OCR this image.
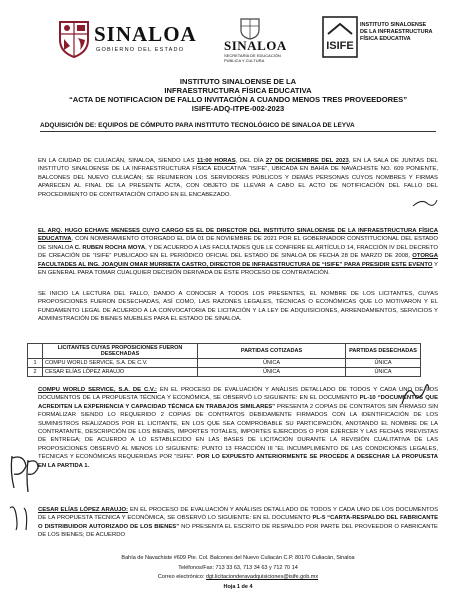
SINALOA
GOBIERNO DEL ESTADO	SINALOA
SECRETARÍA DE EDUCACIÓN PÚBLICA Y CULTURA
ISIFE
INSTITUTO SINALOENSE
DE LA INFRAESTRUCTURA
FÍSICA EDUCATIVA
INSTITUTO SINALOENSE DE LA
INFRAESTRUCTURA FÍSICA EDUCATIVA
“ACTA DE NOTIFICACION DE FALLO INVITACIÓN A CUANDO MENOS TRES PROVEEDORES”
ISIFE-ADQ-ITPE-002-2023
ADQUISICIÓN DE: EQUIPOS DE CÓMPUTO PARA INSTITUTO TECNOLÓGICO DE SINALOA DE LEYVA
EN LA CIUDAD DE CULIACÁN, SINALOA, SIENDO LAS 11:00 HORAS, DEL DÍA 27 DE DICIEMBRE DEL 2023, EN LA SALA DE JUNTAS DEL INSTITUTO SINALOENSE DE LA INFRAESTRUCTURA FÍSICA EDUCATIVA “ISIFE”, UBICADA EN BAHÍA DE NAVACHISTE NO. 609 PONIENTE, BALCONES DEL NUEVO CULIACÁN; SE REUNIERON LOS SERVIDORES PÚBLICOS Y DEMÁS PERSONAS CUYOS NOMBRES Y FIRMAS APARECEN AL FINAL DE LA PRESENTE ACTA, CON OBJETO DE LLEVAR A CABO EL ACTO DE NOTIFICACIÓN DEL FALLO DEL PROCEDIMIENTO DE CONTRATACIÓN CITADO EN EL ENCABEZADO.
EL ARQ. HUGO ECHAVE MENESES CUYO CARGO ES EL DE DIRECTOR DEL INSTITUTO SINALOENSE DE LA INFRAESTRUCTURA FÍSICA EDUCATIVA, CON NOMBRAMIENTO OTORGADO EL DÍA 01 DE NOVIEMBRE DE 2021 POR EL GOBERNADOR CONSTITUCIONAL DEL ESTADO DE SINALOA C. RUBEN ROCHA MOYA, Y DE ACUERDO A LAS FACULTADES QUE LE CONFIERE EL ARTÍCULO 14, FRACCIÓN IV DEL DECRETO DE CREACIÓN DE “ISIFE” PUBLICADO EN EL PERIÓDICO OFICIAL DEL ESTADO DE SINALOA DE FECHA 28 DE MARZO DE 2008, OTORGA FACULTADES AL ING. JOAQUIN OMAR MURRIETA CASTRO, DIRECTOR DE INFRAESTRUCTURA DE “ISIFE” PARA PRESIDIR ESTE EVENTO Y EN GENERAL PARA TOMAR CUALQUIER DECISIÓN DERIVADA DE ÉSTE PROCESO DE CONTRATACIÓN.
SE INICIO LA LECTURA DEL FALLO, DANDO A CONOCER A TODOS LOS PRESENTES, EL NOMBRE DE LOS LICITANTES, CUYAS PROPOSICIONES FUERON DESECHADAS, ASÍ COMO, LAS RAZONES LEGALES, TÉCNICAS O ECONÓMICAS QUE LO MOTIVARON Y EL FUNDAMENTO LEGAL DE ACUERDO A LA CONVOCATORIA DE LICITACIÓN Y LA LEY DE ADQUISICIONES, ARRENDAMIENTOS, SERVICIOS Y ADMINISTRACIÓN DE BIENES MUEBLES PARA EL ESTADO DE SINALOA.
	LICITANTES CUYAS PROPOSICIONES FUERON DESECHADAS	PARTIDAS COTIZADAS	PARTIDAS DESECHADAS
1	COMPU WORLD SERVICE, S.A. DE C.V.	ÚNICA	ÚNICA
2	CESAR ELÍAS LÓPEZ ARAUJO	ÚNICA	ÚNICA
COMPU WORLD SERVICE, S.A. DE C.V.: EN EL PROCESO DE EVALUACIÓN Y ANÁLISIS DETALLADO DE TODOS Y CADA UNO DE LOS DOCUMENTOS DE LA PROPUESTA TÉCNICA Y ECONÓMICA, SE OBSERVÓ LO SIGUIENTE: EN EL DOCUMENTO PL-10 “DOCUMENTOS QUE ACREDITEN LA EXPERIENCIA Y CAPACIDAD TÉCNICA EN TRABAJOS SIMILARES” PRESENTA 2 COPIAS DE CONTRATOS SIN FIRMASO SIN FORMALIZAR SIENDO LO REQUERIDO 2 COPIAS DE CONTRATOS DEBIDAMENTE FIRMADOS CON LA IDENTIFICACIÓN DE LOS SUMINISTROS REALIZADOS POR EL LICITANTE, EN LOS QUE SEA COMPROBABLE SU PARTICIPACIÓN, ANOTANDO EL NOMBRE DE LA CONTRATANTE, DESCRIPCIÓN DE LOS BIENES, IMPORTES TOTALES, IMPORTES EJERCIDOS O POR EJERCER Y LAS FECHAS PREVISTAS DE ENTREGA; DE ACUERDO A LO ESTABLECIDO EN LAS BASES DE LICITACIÓN DURANTE LA REVISIÓN CUALITATIVA DE LAS PROPOSICIONES OBSERVÓ AL MENOS LO SIGUIENTE: PUNTO 13 FRACCIÓN III “EL INCUMPLIMIENTO DE LAS CONDICIONES LEGALES, TÉCNICAS Y ECONÓMICAS REQUERIDAS POR “ISIFE”. POR LO EXPUESTO ANTERIORMENTE SE PROCEDE A DESECHAR LA PROPUESTA EN LA PARTIDA 1.
CESAR ELÍAS LÓPEZ ARAUJO: EN EL PROCESO DE EVALUACIÓN Y ANÁLISIS DETALLADO DE TODOS Y CADA UNO DE LOS DOCUMENTOS DE LA PROPUESTA TÉCNICA Y ECONÓMICA, SE OBSERVÓ LO SIGUIENTE: EN EL DOCUMENTO PL-5 “CARTA-RESPALDO DEL FABRICANTE O DISTRIBUIDOR AUTORIZADO DE LOS BIENES” NO PRESENTA EL ESCRITO DE RESPALDO POR PARTE DEL PROVEEDOR O FABRICANTE DE LOS BIENES; DE ACUERDO
Bahía de Navachiste #609 Pte. Col. Balcones del Nuevo Culiacán C.P. 80170 Culiacán, Sinaloa
Teléfonos/Fax: 713 33 63, 713 34 63 y 712 70 14
Correo electrónico: dgt.licitacionderavadquisiciones@isife.gob.mx
Hoja 1 de 4
